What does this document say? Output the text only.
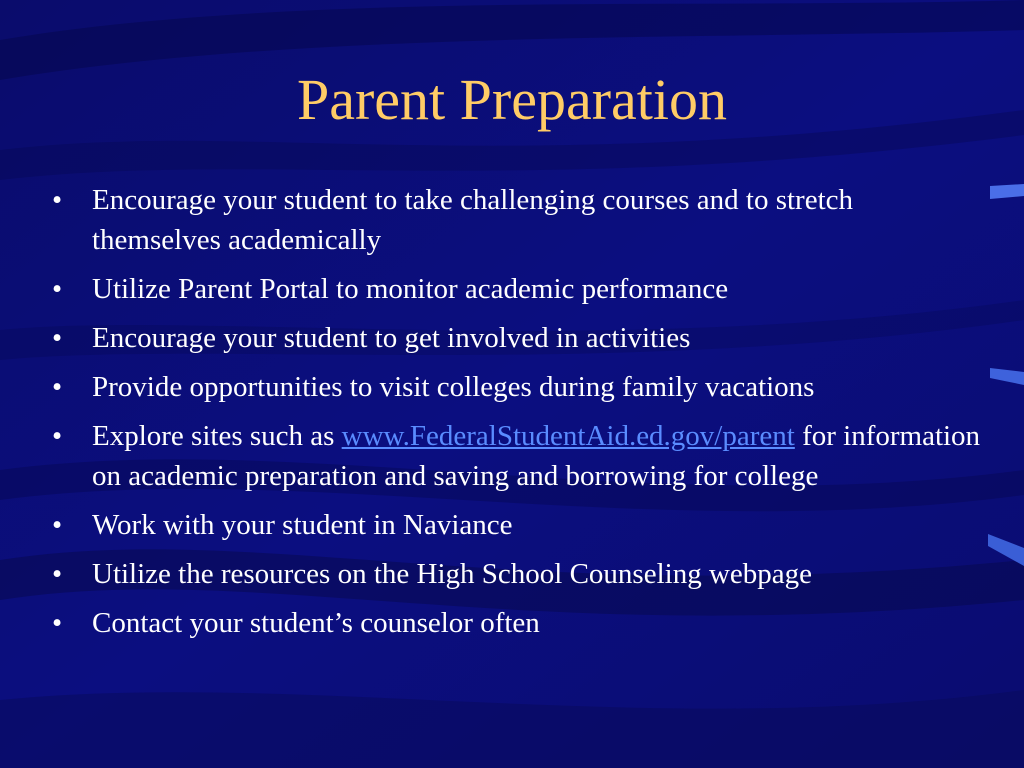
Parent Preparation
•	Encourage your student to take challenging courses and to stretch themselves academically
•	Utilize Parent Portal to monitor academic performance
•	Encourage your student to get involved in activities
•	Provide opportunities to visit colleges during family vacations
•	Explore sites such as www.FederalStudentAid.ed.gov/parent for information on academic preparation and saving and borrowing for college
•	Work with your student in Naviance
•	Utilize the resources on the High School Counseling webpage
•	Contact your student’s counselor often
